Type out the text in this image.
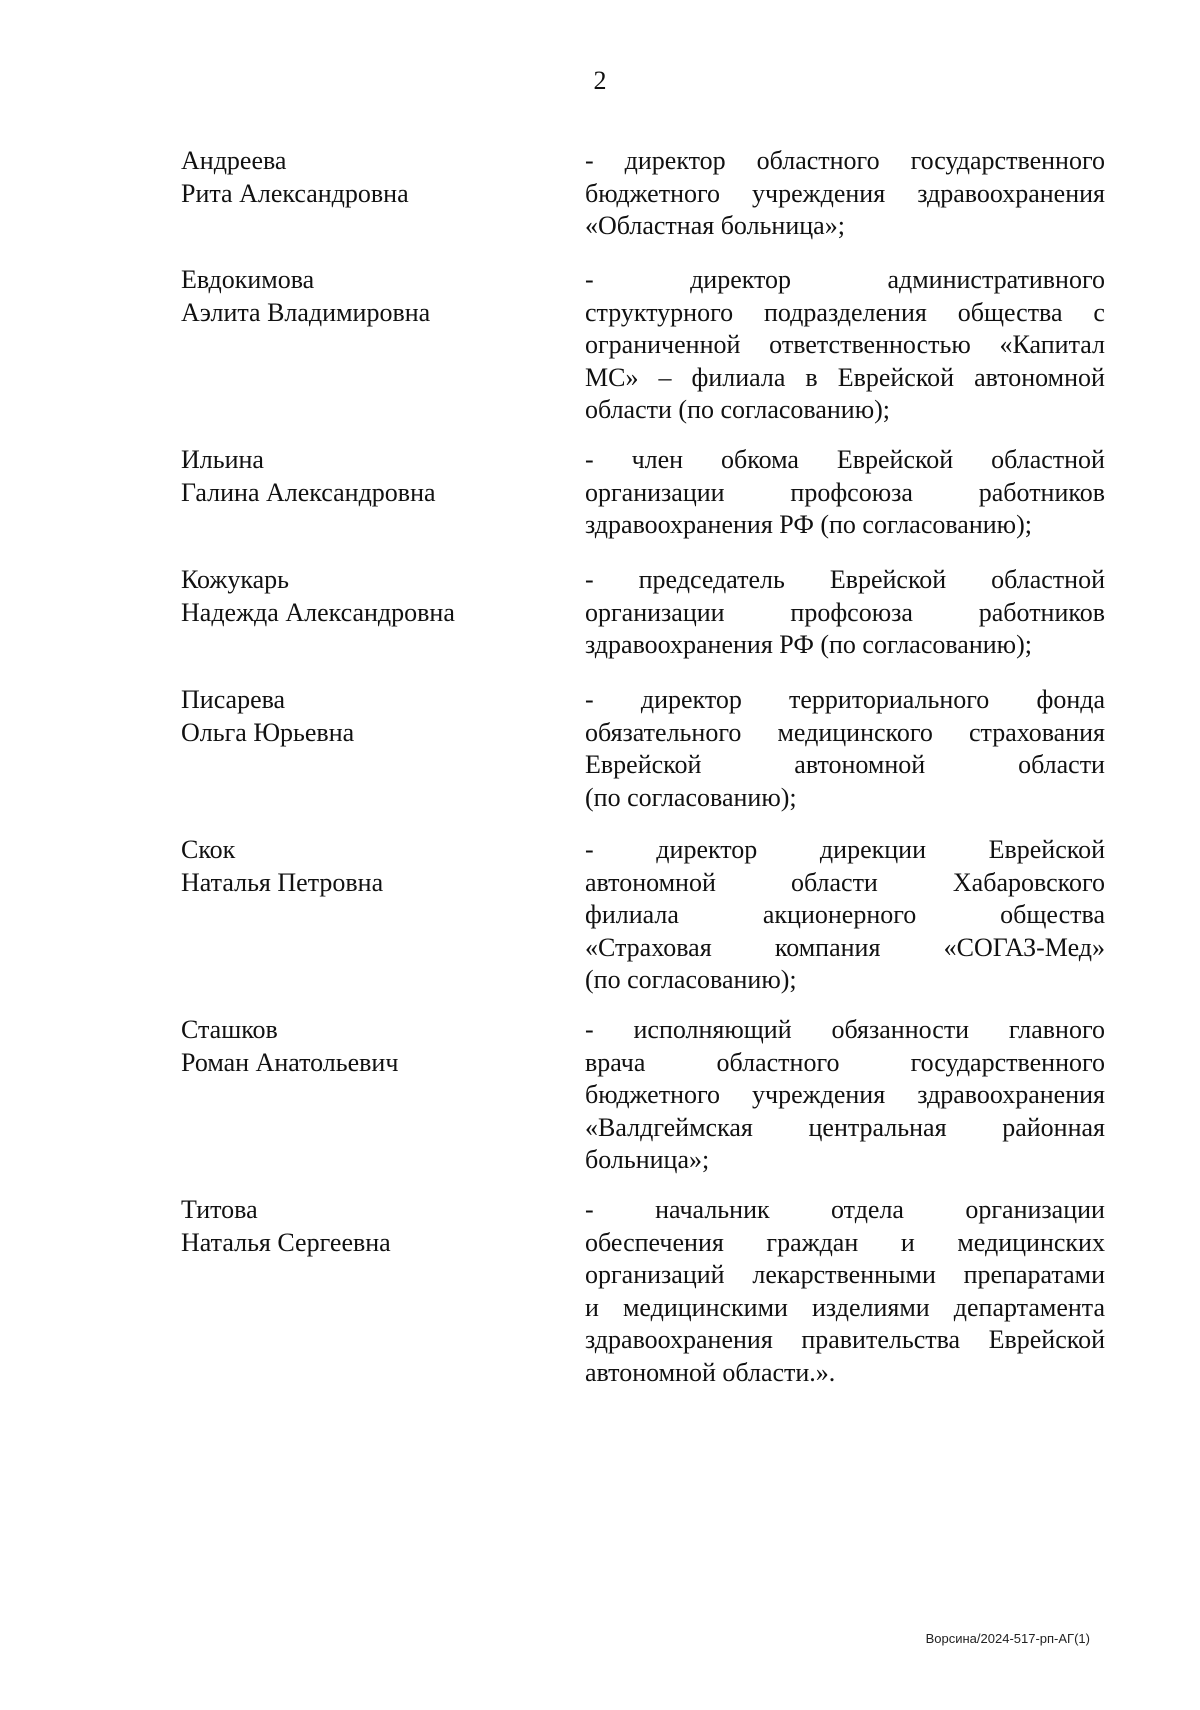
2
Андреева
Рита Александровна
- директор областного государственного
бюджетного учреждения здравоохранения
«Областная больница»;
Евдокимова
Аэлита Владимировна
-	директор	административного
структурного подразделения общества с
ограниченной ответственностью «Капитал
МС» – филиала в Еврейской автономной
области (по согласованию);
Ильина
Галина Александровна
- член обкома Еврейской областной
организации	профсоюза	работников
здравоохранения РФ (по согласованию);
Кожукарь
Надежда Александровна
- председатель Еврейской областной
организации	профсоюза	работников
здравоохранения РФ (по согласованию);
Писарева
Ольга Юрьевна
- директор территориального фонда
обязательного медицинского страхования
Еврейской	автономной	области
(по согласованию);
Скок
Наталья Петровна
- директор дирекции Еврейской
автономной	области	Хабаровского
филиала	акционерного	общества
«Страховая компания «СОГАЗ-Мед»
(по согласованию);
Сташков
Роман Анатольевич
- исполняющий обязанности главного
врача	областного	государственного
бюджетного учреждения здравоохранения
«Валдгеймская центральная районная
больница»;
Титова
Наталья Сергеевна
- начальник отдела организации
обеспечения граждан и медицинских
организаций лекарственными препаратами
и медицинскими изделиями департамента
здравоохранения правительства Еврейской
автономной области.».
Ворсина/2024-517-рп-АГ(1)
